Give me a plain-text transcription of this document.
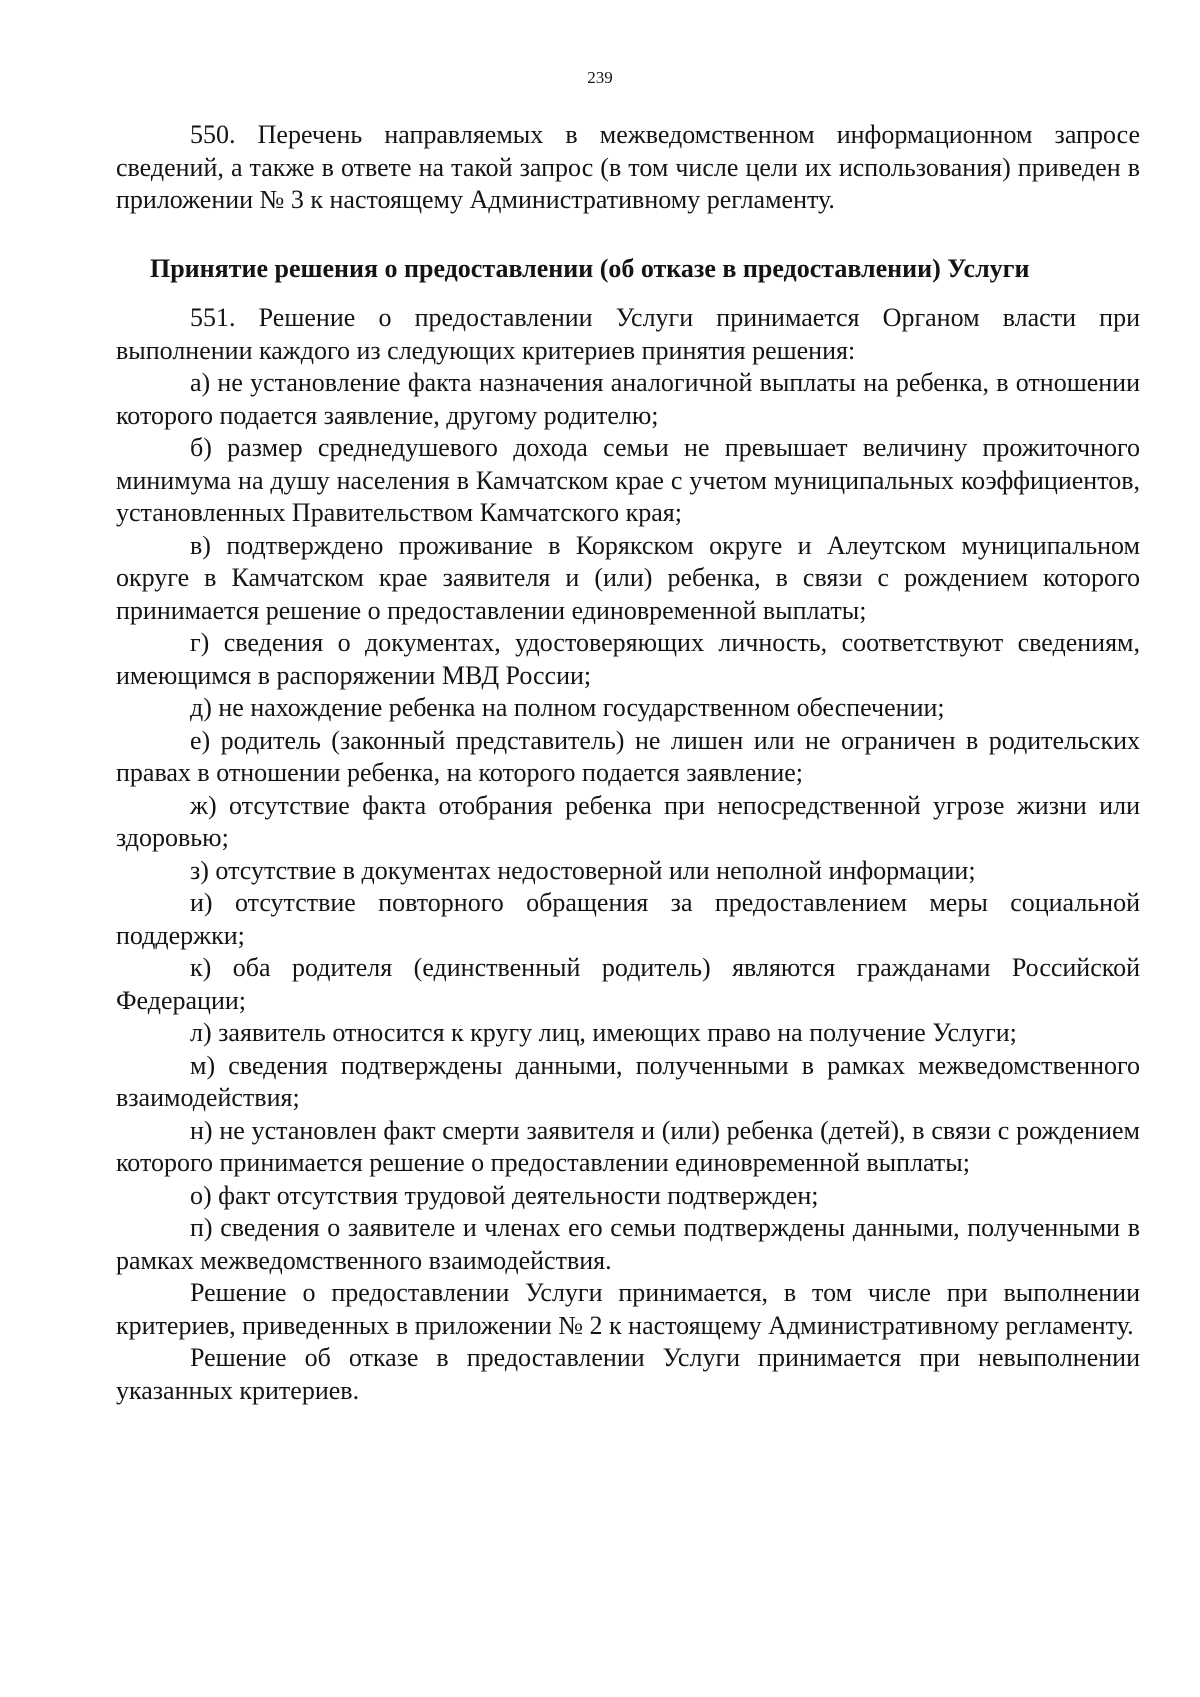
239

550. Перечень направляемых в межведомственном информационном запросе сведений, а также в ответе на такой запрос (в том числе цели их использования) приведен в приложении № 3 к настоящему Административному регламенту.

Принятие решения о предоставлении (об отказе в предоставлении) Услуги

551. Решение о предоставлении Услуги принимается Органом власти при выполнении каждого из следующих критериев принятия решения:

а) не установление факта назначения аналогичной выплаты на ребенка, в отношении которого подается заявление, другому родителю;

б) размер среднедушевого дохода семьи не превышает величину прожиточного минимума на душу населения в Камчатском крае с учетом муниципальных коэффициентов, установленных Правительством Камчатского края;

в) подтверждено проживание в Корякском округе и Алеутском муниципальном округе в Камчатском крае заявителя и (или) ребенка, в связи с рождением которого принимается решение о предоставлении единовременной выплаты;

г) сведения о документах, удостоверяющих личность, соответствуют сведениям, имеющимся в распоряжении МВД России;

д) не нахождение ребенка на полном государственном обеспечении;

е) родитель (законный представитель) не лишен или не ограничен в родительских правах в отношении ребенка, на которого подается заявление;

ж) отсутствие факта отобрания ребенка при непосредственной угрозе жизни или здоровью;

з) отсутствие в документах недостоверной или неполной информации;

и) отсутствие повторного обращения за предоставлением меры социальной поддержки;

к) оба родителя (единственный родитель) являются гражданами Российской Федерации;

л) заявитель относится к кругу лиц, имеющих право на получение Услуги;

м) сведения подтверждены данными, полученными в рамках межведомственного взаимодействия;

н) не установлен факт смерти заявителя и (или) ребенка (детей), в связи с рождением которого принимается решение о предоставлении единовременной выплаты;

о) факт отсутствия трудовой деятельности подтвержден;

п) сведения о заявителе и членах его семьи подтверждены данными, полученными в рамках межведомственного взаимодействия.

Решение о предоставлении Услуги принимается, в том числе при выполнении критериев, приведенных в приложении № 2 к настоящему Административному регламенту.

Решение об отказе в предоставлении Услуги принимается при невыполнении указанных критериев.
